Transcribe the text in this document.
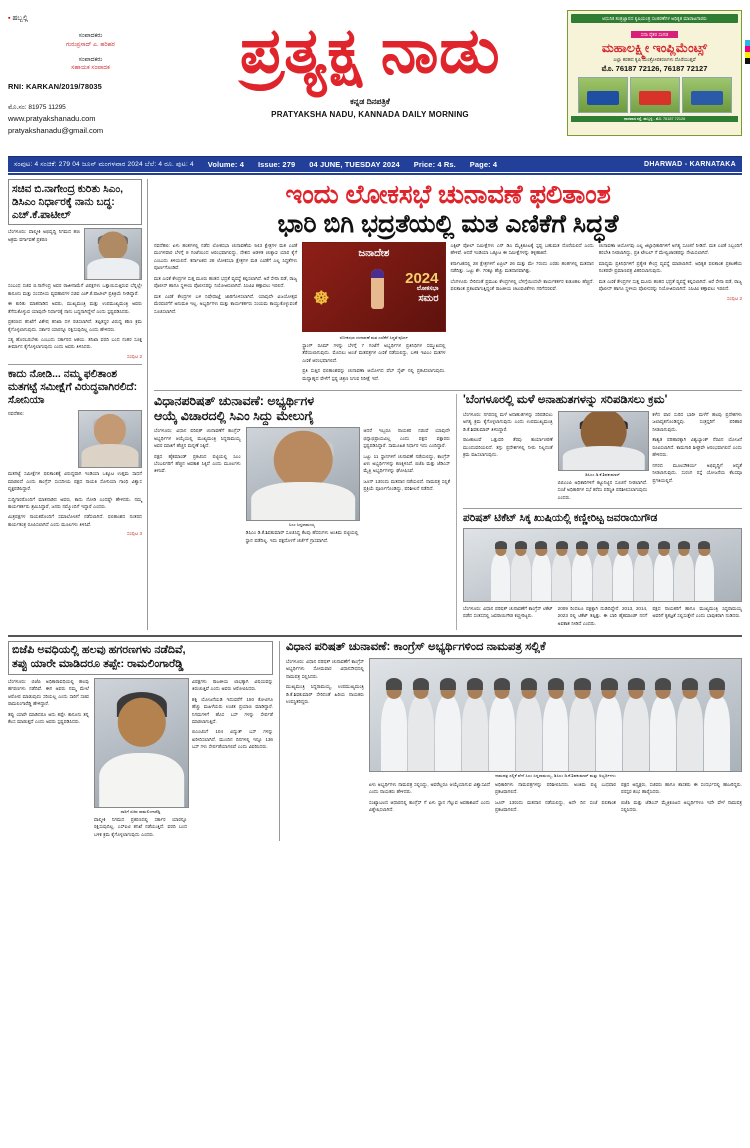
▪ ಹಬ್ಬಲ್ಲಿ
ಸಂಪಾದಕರು
ಗುರುಪ್ರಸಾದ್ ಎ. ಹರಿಹರ
ಸಂಪಾದಕರು
ಸಹಾಯಕ ಸಂಪಾದಕ
RNI: KARKAN/2019/78035
ಮೊ.ಸಂ: 81975 11295
www.pratyakshanadu.com
pratyakshanadu@gmail.com
ಪ್ರತ್ಯಕ್ಷ ನಾಡು
ಕನ್ನಡ ದಿನಪತ್ರಿಕೆ
PRATYAKSHA NADU, KANNADA DAILY MORNING
ಆಧುನಿಕ ತಂತ್ರಜ್ಞಾನದ ಕೃಷಿಯಂತ್ರ ಸಲಕರಣೆಗಳ ಅಧಿಕೃತ ಮಾರಾಟಗಾರರು
ಸದಾ ರೈತರ ಸಂಗಡ
ಮಹಾಲಕ್ಷ್ಮೀ ಇಂಪ್ಲಿಮೆಂಟ್ಸ್
ಎಲ್ಲಾ ತರಹದ ಕೃಷಿ ಯಂತ್ರೋಪಕರಣಗಳು ದೊರೆಯುತ್ತವೆ
ಮೊ. 76187 72126, 76187 72127
ಧಾರವಾಡ ರಸ್ತೆ, ಹುಬ್ಬಳ್ಳಿ - ಮೊ. 76187 72126
ಸಂಪುಟ: 4 ಸಂಚಿಕೆ: 279 04 ಜೂನ್ ಮಂಗಳವಾರ 2024 ಬೆಲೆ: 4 ರೂ. ಪುಟ: 4 Volume: 4 Issue: 279 04 JUNE, TUESDAY 2024 Price: 4 Rs. Page: 4	DHARWAD - KARNATAKA
ಸಚಿವ ಬಿ.ನಾಗೇಂದ್ರ ಕುರಿತು ಸಿಎಂ, ಡಿಸಿಎಂ ನಿರ್ಧಾರಕ್ಕೆ ನಾನು ಬದ್ಧ: ಎಚ್.ಕೆ.ಪಾಟೀಲ್
ಬೆಂಗಳೂರು: ವಾಲ್ಮೀಕಿ ಅಭಿವೃದ್ಧಿ ನಿಗಮದ ಹಣ ಅಕ್ರಮ ವರ್ಗಾವಣೆ ಪ್ರಕರಣ

ಸಂಬಂಧ ಸಚಿವ ಬಿ.ನಾಗೇಂದ್ರ ಅವರ ರಾಜೀನಾಮೆಗೆ ವಿಪಕ್ಷಗಳು ಒತ್ತಾಯಿಸುತ್ತಿರುವ ಬೆನ್ನಲ್ಲೇ ಕಾನೂನು ಮತ್ತು ಸಂಸದೀಯ ವ್ಯವಹಾರಗಳ ಸಚಿವ ಎಚ್.ಕೆ.ಪಾಟೀಲ್ ಪ್ರತಿಕ್ರಿಯೆ ನೀಡಿದ್ದಾರೆ.

ಈ ಕುರಿತು ಮಾತನಾಡಿದ ಅವರು, ಮುಖ್ಯಮಂತ್ರಿ ಮತ್ತು ಉಪಮುಖ್ಯಮಂತ್ರಿ ಅವರು ತೆಗೆದುಕೊಳ್ಳುವ ಯಾವುದೇ ನಿರ್ಧಾರಕ್ಕೆ ನಾನು ಬದ್ಧನಾಗಿದ್ದೇನೆ ಎಂದು ಸ್ಪಷ್ಟಪಡಿಸಿದರು.

ಪ್ರಕರಣದ ತನಿಖೆಗೆ ವಿಶೇಷ ತನಿಖಾ ದಳ ರಚಿಸಲಾಗಿದೆ. ತಪ್ಪಿತಸ್ಥರ ವಿರುದ್ಧ ಕಠಿಣ ಕ್ರಮ ಕೈಗೊಳ್ಳಲಾಗುವುದು. ಸರ್ಕಾರ ಯಾರನ್ನೂ ರಕ್ಷಿಸುವುದಿಲ್ಲ ಎಂದು ಹೇಳಿದರು.

ಸತ್ಯ ಹೊರಬರಬೇಕು ಎಂಬುದು ಸರ್ಕಾರದ ಆಶಯ. ತನಿಖಾ ವರದಿ ಬಂದ ನಂತರ ಸೂಕ್ತ ತೀರ್ಮಾನ ಕೈಗೊಳ್ಳಲಾಗುವುದು ಎಂದು ಅವರು ತಿಳಿಸಿದರು.

ಸಂಪುಟ 2
ಕಾದು ನೋಡಿ... ನಮ್ಮ ಫಲಿತಾಂಶ ಮತಗಟ್ಟೆ ಸಮೀಕ್ಷೆಗೆ ವಿರುದ್ಧವಾಗಿರಲಿದೆ: ಸೋನಿಯಾ
ನವದೆಹಲಿ:

ಮತಗಟ್ಟೆ ಸಮೀಕ್ಷೆಗಳ ಫಲಿತಾಂಶಕ್ಕೆ ವಿರುದ್ಧವಾಗಿ ಇಂಡಿಯಾ ಒಕ್ಕೂಟ ಉತ್ತಮ ಸಾಧನೆ ಮಾಡಲಿದೆ ಎಂದು ಕಾಂಗ್ರೆಸ್ ಸಂಸದೀಯ ಪಕ್ಷದ ನಾಯಕಿ ಸೋನಿಯಾ ಗಾಂಧಿ ವಿಶ್ವಾಸ ವ್ಯಕ್ತಪಡಿಸಿದ್ದಾರೆ.

ಸುದ್ದಿಗಾರರೊಂದಿಗೆ ಮಾತನಾಡಿದ ಅವರು, ಕಾದು ನೋಡಿ ಎಂದಷ್ಟೇ ಹೇಳಿದರು. ನಮ್ಮ ಕಾರ್ಯಕರ್ತರು ಶ್ರಮಿಸಿದ್ದಾರೆ, ಜನರು ನಮ್ಮೊಂದಿಗೆ ಇದ್ದಾರೆ ಎಂದರು.

ಮಿತ್ರಪಕ್ಷಗಳ ನಾಯಕರೊಂದಿಗೆ ಸಮಾಲೋಚನೆ ನಡೆಸಲಾಗಿದೆ. ಫಲಿತಾಂಶದ ನಂತರದ ಕಾರ್ಯತಂತ್ರ ರೂಪಿಸಲಾಗಿದೆ ಎಂದು ಮೂಲಗಳು ತಿಳಿಸಿವೆ.

ಸಂಪುಟ 3
ಇಂದು ಲೋಕಸಭೆ ಚುನಾವಣೆ ಫಲಿತಾಂಶ
ಭಾರಿ ಬಿಗಿ ಭದ್ರತೆಯಲ್ಲಿ ಮತ ಎಣಿಕೆಗೆ ಸಿದ್ಧತೆ

ನವದೆಹಲಿ: ಏಳು ಹಂತಗಳಲ್ಲಿ ನಡೆದ ಲೋಕಸಭಾ ಚುನಾವಣೆಯ 543 ಕ್ಷೇತ್ರಗಳ ಮತ ಎಣಿಕೆ ಮಂಗಳವಾರ ಬೆಳಗ್ಗೆ 8 ಗಂಟೆಯಿಂದ ಆರಂಭವಾಗಲಿದ್ದು, ದೇಶದ ಆಡಳಿತ ಚುಕ್ಕಾಣಿ ಯಾರ ಕೈಗೆ ಎಂಬುದು ತಿಳಿಯಲಿದೆ. ಕರ್ನಾಟಕದ 28 ಲೋಕಸಭಾ ಕ್ಷೇತ್ರಗಳ ಮತ ಎಣಿಕೆಗೆ ಎಲ್ಲ ಸಿದ್ಧತೆಗಳು ಪೂರ್ಣಗೊಂಡಿವೆ.

ಮತ ಎಣಿಕೆ ಕೇಂದ್ರಗಳ ಸುತ್ತ ಮೂರು ಹಂತದ ಭದ್ರತೆ ವ್ಯವಸ್ಥೆ ಕಲ್ಪಿಸಲಾಗಿದೆ. ಅರೆ ಸೇನಾ ಪಡೆ, ರಾಜ್ಯ ಪೊಲೀಸ್ ಹಾಗೂ ಸ್ಥಳೀಯ ಪೊಲೀಸರನ್ನು ನಿಯೋಜಿಸಲಾಗಿದೆ. ಸಿಸಿಟಿವಿ ಕಣ್ಗಾವಲು ಇರಲಿದೆ.

ಮತ ಎಣಿಕೆ ಕೇಂದ್ರಗಳ ಬಳಿ ನಿಷೇಧಾಜ್ಞೆ ಜಾರಿಗೊಳಿಸಲಾಗಿದೆ. ಯಾವುದೇ ವಿಜಯೋತ್ಸವ ಮೆರವಣಿಗೆಗೆ ಅನುಮತಿ ಇಲ್ಲ. ಅಭ್ಯರ್ಥಿಗಳು ಮತ್ತು ಕಾರ್ಯಕರ್ತರು ಸಂಯಮ ಕಾಯ್ದುಕೊಳ್ಳುವಂತೆ ಸೂಚಿಸಲಾಗಿದೆ.

ಜನಾದೇಶ
☸
2024
ಲೋಕಸಭಾ
ಸಮರ
ಲೋಕಸಭಾ ಚುನಾವಣೆ ಮತ ಎಣಿಕೆಗೆ ಸಿದ್ಧತೆ ಪೂರ್ಣ

ಸ್ಟ್ರಾಂಗ್ ರೂಮ್ ಗಳನ್ನು ಬೆಳಗ್ಗೆ 7 ಗಂಟೆಗೆ ಅಭ್ಯರ್ಥಿಗಳ ಪ್ರತಿನಿಧಿಗಳ ಸಮ್ಮುಖದಲ್ಲಿ ತೆರೆಯಲಾಗುವುದು. ಮೊದಲು ಅಂಚೆ ಮತಪತ್ರಗಳ ಎಣಿಕೆ ನಡೆಯಲಿದ್ದು, ಬಳಿಕ ಇವಿಎಂ ಮತಗಳ ಎಣಿಕೆ ಆರಂಭವಾಗಲಿದೆ.

ಪ್ರತಿ ಸುತ್ತಿನ ಫಲಿತಾಂಶವನ್ನು ಚುನಾವಣಾ ಆಯೋಗದ ವೆಬ್ ಸೈಟ್ ನಲ್ಲಿ ಪ್ರಕಟಿಸಲಾಗುವುದು. ಮಧ್ಯಾಹ್ನದ ವೇಳೆಗೆ ಸ್ಪಷ್ಟ ಚಿತ್ರಣ ಸಿಗುವ ನಿರೀಕ್ಷೆ ಇದೆ.

ಎಕ್ಸಿಟ್ ಪೋಲ್ ಸಮೀಕ್ಷೆಗಳು ಎನ್ ಡಿಎ ಮೈತ್ರಿಕೂಟಕ್ಕೆ ಸ್ಪಷ್ಟ ಬಹುಮತ ದೊರೆಯಲಿದೆ ಎಂದು ಹೇಳಿವೆ. ಆದರೆ ಇಂಡಿಯಾ ಒಕ್ಕೂಟ ಈ ಸಮೀಕ್ಷೆಗಳನ್ನು ತಳ್ಳಿಹಾಕಿದೆ.

ಕರ್ನಾಟಕದಲ್ಲಿ 28 ಕ್ಷೇತ್ರಗಳಿಗೆ ಏಪ್ರಿಲ್ 26 ಮತ್ತು ಮೇ 7ರಂದು ಎರಡು ಹಂತಗಳಲ್ಲಿ ಮತದಾನ ನಡೆದಿತ್ತು. ಒಟ್ಟು ಶೇ. 70ಕ್ಕೂ ಹೆಚ್ಚು ಮತದಾನವಾಗಿತ್ತು.

ಬೆಂಗಳೂರು ಸೇರಿದಂತೆ ಪ್ರಮುಖ ಕೇಂದ್ರಗಳಲ್ಲಿ ಬೆಳಗ್ಗೆಯಿಂದಲೇ ಕಾರ್ಯಕರ್ತರ ಕುತೂಹಲ ಹೆಚ್ಚಿದೆ. ಫಲಿತಾಂಶ ಪ್ರಕಟವಾಗುತ್ತಿದ್ದಂತೆ ರಾಜಕೀಯ ಚಟುವಟಿಕೆಗಳು ಗರಿಗೆದರಲಿವೆ.

ಚುನಾವಣಾ ಆಯೋಗವು ಎಲ್ಲ ಜಿಲ್ಲಾಧಿಕಾರಿಗಳಿಗೆ ಅಗತ್ಯ ಸೂಚನೆ ನೀಡಿದೆ. ಮತ ಎಣಿಕೆ ಸಿಬ್ಬಂದಿಗೆ ತರಬೇತಿ ನೀಡಲಾಗಿದ್ದು, ಪ್ರತಿ ಟೇಬಲ್ ಗೆ ಮೇಲ್ವಿಚಾರಕರನ್ನು ನೇಮಿಸಲಾಗಿದೆ.

ಮಾಧ್ಯಮ ಪ್ರತಿನಿಧಿಗಳಿಗೆ ಪ್ರತ್ಯೇಕ ಕೇಂದ್ರ ವ್ಯವಸ್ಥೆ ಮಾಡಲಾಗಿದೆ. ಅಧಿಕೃತ ಫಲಿತಾಂಶ ಪ್ರಕಟಣೆಯ ನಂತರವೇ ಪ್ರಮಾಣಪತ್ರ ವಿತರಿಸಲಾಗುವುದು.

ಮತ ಎಣಿಕೆ ಕೇಂದ್ರಗಳ ಸುತ್ತ ಮೂರು ಹಂತದ ಭದ್ರತೆ ವ್ಯವಸ್ಥೆ ಕಲ್ಪಿಸಲಾಗಿದೆ. ಅರೆ ಸೇನಾ ಪಡೆ, ರಾಜ್ಯ ಪೊಲೀಸ್ ಹಾಗೂ ಸ್ಥಳೀಯ ಪೊಲೀಸರನ್ನು ನಿಯೋಜಿಸಲಾಗಿದೆ. ಸಿಸಿಟಿವಿ ಕಣ್ಗಾವಲು ಇರಲಿದೆ.

ಸಂಪುಟ 2
ವಿಧಾನಪರಿಷತ್ ಚುನಾವಣೆ: ಅಭ್ಯರ್ಥಿಗಳ
ಆಯ್ಕೆ ವಿಚಾರದಲ್ಲಿ ಸಿಎಂ ಸಿದ್ದು ಮೇಲುಗೈ

ಬೆಂಗಳೂರು: ವಿಧಾನ ಪರಿಷತ್ ಚುನಾವಣೆಗೆ ಕಾಂಗ್ರೆಸ್ ಅಭ್ಯರ್ಥಿಗಳ ಆಯ್ಕೆಯಲ್ಲಿ ಮುಖ್ಯಮಂತ್ರಿ ಸಿದ್ದರಾಮಯ್ಯ ಅವರ ಮಾತಿಗೆ ಹೆಚ್ಚಿನ ಮನ್ನಣೆ ಸಿಕ್ಕಿದೆ.

ಪಕ್ಷದ ಹೈಕಮಾಂಡ್ ಪ್ರಕಟಿಸಿದ ಪಟ್ಟಿಯಲ್ಲಿ ಸಿಎಂ ಬೆಂಬಲಿಗರಿಗೆ ಹೆಚ್ಚಿನ ಅವಕಾಶ ಸಿಕ್ಕಿದೆ ಎಂದು ಮೂಲಗಳು ತಿಳಿಸಿವೆ.

ಸಿಎಂ ಸಿದ್ದರಾಮಯ್ಯ

ಡಿಸಿಎಂ ಡಿ.ಕೆ.ಶಿವಕುಮಾರ್ ಸೂಚಿಸಿದ್ದ ಕೆಲವು ಹೆಸರುಗಳು ಅಂತಿಮ ಪಟ್ಟಿಯಲ್ಲಿ ಸ್ಥಾನ ಪಡೆದಿಲ್ಲ. ಇದು ಪಕ್ಷದೊಳಗೆ ಚರ್ಚೆಗೆ ಗ್ರಾಸವಾಗಿದೆ.

ಆದರೆ ಇಬ್ಬರೂ ನಾಯಕರ ನಡುವೆ ಯಾವುದೇ ಭಿನ್ನಾಭಿಪ್ರಾಯವಿಲ್ಲ ಎಂದು ಪಕ್ಷದ ವಕ್ತಾರರು ಸ್ಪಷ್ಟಪಡಿಸಿದ್ದಾರೆ. ಸಾಮೂಹಿಕ ನಿರ್ಧಾರ ಇದು ಎಂದಿದ್ದಾರೆ.

ಒಟ್ಟು 11 ಸ್ಥಾನಗಳಿಗೆ ಚುನಾವಣೆ ನಡೆಯಲಿದ್ದು, ಕಾಂಗ್ರೆಸ್ ಏಳು ಅಭ್ಯರ್ಥಿಗಳನ್ನು ಕಣಕ್ಕಿಳಿಸಿದೆ. ಬಿಜೆಪಿ ಮತ್ತು ಜೆಡಿಎಸ್ ಮೈತ್ರಿ ಅಭ್ಯರ್ಥಿಗಳನ್ನು ಘೋಷಿಸಿವೆ.

ಜೂನ್ 13ರಂದು ಮತದಾನ ನಡೆಯಲಿದೆ. ನಾಮಪತ್ರ ಸಲ್ಲಿಕೆ ಪ್ರಕ್ರಿಯೆ ಪೂರ್ಣಗೊಂಡಿದ್ದು, ಪರಿಶೀಲನೆ ನಡೆದಿದೆ.

'ಬೆಂಗಳೂರಲ್ಲಿ ಮಳೆ ಅನಾಹುತಗಳನ್ನು ಸರಿಪಡಿಸಲು ಕ್ರಮ'

ಬೆಂಗಳೂರು: ನಗರದಲ್ಲಿ ಮಳೆ ಅನಾಹುತಗಳನ್ನು ಸರಿಪಡಿಸಲು ಅಗತ್ಯ ಕ್ರಮ ಕೈಗೊಳ್ಳಲಾಗುವುದು ಎಂದು ಉಪಮುಖ್ಯಮಂತ್ರಿ ಡಿ.ಕೆ.ಶಿವಕುಮಾರ್ ತಿಳಿಸಿದ್ದಾರೆ.

ರಾಜಕಾಲುವೆ ಒತ್ತುವರಿ ತೆರವು ಕಾರ್ಯಾಚರಣೆ ಮುಂದುವರಿಯಲಿದೆ. ತಗ್ಗು ಪ್ರದೇಶಗಳಲ್ಲಿ ನೀರು ನಿಲ್ಲದಂತೆ ಕ್ರಮ ವಹಿಸಲಾಗುವುದು.

ಡಿಸಿಎಂ ಡಿ.ಕೆ.ಶಿವಕುಮಾರ್

ಬಿಬಿಎಂಪಿ ಅಧಿಕಾರಿಗಳಿಗೆ ಕಟ್ಟುನಿಟ್ಟಿನ ಸೂಚನೆ ನೀಡಲಾಗಿದೆ. ಸಂಜೆ ಅಧಿಕಾರಿಗಳ ಸಭೆ ಕರೆದು ಪರಿಸ್ಥಿತಿ ಪರಿಶೀಲಿಸಲಾಗುವುದು ಎಂದರು.

ಕಳೆದ ವಾರ ಸುರಿದ ಭಾರೀ ಮಳೆಗೆ ಹಲವು ಪ್ರದೇಶಗಳು ಜಲಾವೃತಗೊಂಡಿದ್ದವು. ಸಂತ್ರಸ್ತರಿಗೆ ಪರಿಹಾರ ನೀಡಲಾಗುವುದು.

ಶಾಶ್ವತ ಪರಿಹಾರಕ್ಕಾಗಿ ವಿಶ್ವಬ್ಯಾಂಕ್ ನೆರವಿನ ಯೋಜನೆ ರೂಪಿಸಲಾಗಿದೆ. ಕಾಮಗಾರಿ ಶೀಘ್ರವೇ ಆರಂಭವಾಗಲಿದೆ ಎಂದು ಹೇಳಿದರು.

ನಗರದ ಮೂಲಸೌಕರ್ಯ ಅಭಿವೃದ್ಧಿಗೆ ಆದ್ಯತೆ ನೀಡಲಾಗುವುದು. ಸುರಂಗ ರಸ್ತೆ ಯೋಜನೆಯ ಕೆಲಸವೂ ಪ್ರಗತಿಯಲ್ಲಿದೆ.

ಪರಿಷತ್ ಟಿಕೆಟ್ ಸಿಕ್ಕ ಖುಷಿಯಲ್ಲಿ ಕಣ್ಣೀರಿಟ್ಟ ಜವರಾಯಿಗೌಡ

ಬೆಂಗಳೂರು: ವಿಧಾನ ಪರಿಷತ್ ಚುನಾವಣೆಗೆ ಕಾಂಗ್ರೆಸ್ ಟಿಕೆಟ್ ಪಡೆದ ಸಂತಸದಲ್ಲಿ ಜವರಾಯಿಗೌಡ ಕಣ್ಣೀರಿಟ್ಟರು.

2009 ರಿಂದಲೂ ಪಕ್ಷಕ್ಕಾಗಿ ದುಡಿದಿದ್ದೇನೆ. 2013, 2014, 2023 ರಲ್ಲಿ ಟಿಕೆಟ್ ತಪ್ಪಿತ್ತು. ಈ ಬಾರಿ ಹೈಕಮಾಂಡ್ ನನಗೆ ಅವಕಾಶ ನೀಡಿದೆ ಎಂದರು.

ಪಕ್ಷದ ನಾಯಕರಿಗೆ ಹಾಗೂ ಮುಖ್ಯಮಂತ್ರಿ ಸಿದ್ದರಾಮಯ್ಯ ಅವರಿಗೆ ಕೃತಜ್ಞತೆ ಸಲ್ಲಿಸುತ್ತೇನೆ ಎಂದು ಭಾವುಕರಾಗಿ ನುಡಿದರು.

ಬಿಜೆಪಿ ಅವಧಿಯಲ್ಲಿ ಹಲವು ಹಗರಣಗಳು ನಡೆದಿವೆ,
ತಪ್ಪು ಯಾರೇ ಮಾಡಿದರೂ ತಪ್ಪೇ: ರಾಮಲಿಂಗಾರೆಡ್ಡಿ

ಬೆಂಗಳೂರು: ಬಿಜೆಪಿ ಅಧಿಕಾರಾವಧಿಯಲ್ಲಿ ಹಲವು ಹಗರಣಗಳು ನಡೆದಿವೆ. ಈಗ ಅವರು ನಮ್ಮ ಮೇಲೆ ಆರೋಪ ಮಾಡುವುದು ಸರಿಯಲ್ಲ ಎಂದು ಸಾರಿಗೆ ಸಚಿವ ರಾಮಲಿಂಗಾರೆಡ್ಡಿ ಹೇಳಿದ್ದಾರೆ.

ತಪ್ಪು ಯಾರೇ ಮಾಡಿದರೂ ಅದು ತಪ್ಪೇ. ಕಾನೂನು ತನ್ನ ಕೆಲಸ ಮಾಡುತ್ತದೆ ಎಂದು ಅವರು ಸ್ಪಷ್ಟಪಡಿಸಿದರು.

ಸಾರಿಗೆ ಸಚಿವ ರಾಮಲಿಂಗಾರೆಡ್ಡಿ

ವಾಲ್ಮೀಕಿ ನಿಗಮದ ಪ್ರಕರಣದಲ್ಲಿ ಸರ್ಕಾರ ಯಾರನ್ನೂ ರಕ್ಷಿಸುವುದಿಲ್ಲ. ಎಸ್ಐಟಿ ತನಿಖೆ ನಡೆಯುತ್ತಿದೆ. ವರದಿ ಬಂದ ಬಳಿಕ ಕ್ರಮ ಕೈಗೊಳ್ಳಲಾಗುವುದು ಎಂದರು.

ವಿಪಕ್ಷಗಳು ರಾಜಕೀಯ ಲಾಭಕ್ಕಾಗಿ ವಿಷಯವನ್ನು ತಿರುಚುತ್ತಿವೆ ಎಂದು ಅವರು ಆರೋಪಿಸಿದರು.

ಶಕ್ತಿ ಯೋಜನೆಯಡಿ ಇದುವರೆಗೆ 150 ಕೋಟಿಗೂ ಹೆಚ್ಚು ಮಹಿಳೆಯರು ಉಚಿತ ಪ್ರಯಾಣ ಮಾಡಿದ್ದಾರೆ. ನಿಗಮಗಳಿಗೆ ಹೊಸ ಬಸ್ ಗಳನ್ನು ಸೇರ್ಪಡೆ ಮಾಡಲಾಗುತ್ತಿದೆ.

ಬಿಎಂಟಿಸಿಗೆ 104 ವಿದ್ಯುತ್ ಬಸ್ ಗಳನ್ನು ಖರೀದಿಸಲಾಗಿದೆ. ಮುಂದಿನ ದಿನಗಳಲ್ಲಿ ಇನ್ನೂ 136 ಬಸ್ ಗಳು ಸೇರ್ಪಡೆಯಾಗಲಿವೆ ಎಂದು ವಿವರಿಸಿದರು.

ವಿಧಾನ ಪರಿಷತ್ ಚುನಾವಣೆ: ಕಾಂಗ್ರೆಸ್ ಅಭ್ಯರ್ಥಿಗಳಿಂದ ನಾಮಪತ್ರ ಸಲ್ಲಿಕೆ

ಬೆಂಗಳೂರು: ವಿಧಾನ ಪರಿಷತ್ ಚುನಾವಣೆಗೆ ಕಾಂಗ್ರೆಸ್ ಅಭ್ಯರ್ಥಿಗಳು ಸೋಮವಾರ ವಿಧಾನಸೌಧದಲ್ಲಿ ನಾಮಪತ್ರ ಸಲ್ಲಿಸಿದರು.

ಮುಖ್ಯಮಂತ್ರಿ ಸಿದ್ದರಾಮಯ್ಯ, ಉಪಮುಖ್ಯಮಂತ್ರಿ ಡಿ.ಕೆ.ಶಿವಕುಮಾರ್ ಸೇರಿದಂತೆ ಹಿರಿಯ ನಾಯಕರು ಉಪಸ್ಥಿತರಿದ್ದರು.

ನಾಮಪತ್ರ ಸಲ್ಲಿಕೆ ವೇಳೆ ಸಿಎಂ ಸಿದ್ದರಾಮಯ್ಯ, ಡಿಸಿಎಂ ಡಿ.ಕೆ.ಶಿವಕುಮಾರ್ ಮತ್ತು ಅಭ್ಯರ್ಥಿಗಳು

ಏಳು ಅಭ್ಯರ್ಥಿಗಳು ನಾಮಪತ್ರ ಸಲ್ಲಿಸಿದ್ದು, ಅವರೆಲ್ಲರೂ ಆಯ್ಕೆಯಾಗುವ ವಿಶ್ವಾಸವಿದೆ ಎಂದು ನಾಯಕರು ಹೇಳಿದರು.

ಸಂಖ್ಯಾಬಲದ ಆಧಾರದಲ್ಲಿ ಕಾಂಗ್ರೆಸ್ ಗೆ ಏಳು ಸ್ಥಾನ ಗೆಲ್ಲುವ ಅವಕಾಶವಿದೆ ಎಂದು ವಿಶ್ಲೇಷಿಸಲಾಗಿದೆ.

ಅಧಿಕಾರಿಗಳು ನಾಮಪತ್ರಗಳನ್ನು ಪರಿಶೀಲಿಸಿದರು. ಅಂತಿಮ ಪಟ್ಟಿ ಬುಧವಾರ ಪ್ರಕಟವಾಗಲಿದೆ.

ಜೂನ್ 13ರಂದು ಮತದಾನ ನಡೆಯಲಿದ್ದು, ಅದೇ ದಿನ ಸಂಜೆ ಫಲಿತಾಂಶ ಪ್ರಕಟವಾಗಲಿದೆ.

ಪಕ್ಷದ ಅಧ್ಯಕ್ಷರು, ಸಚಿವರು ಹಾಗೂ ಶಾಸಕರು ಈ ಸಂದರ್ಭದಲ್ಲಿ ಹಾಜರಿದ್ದರು. ಪರಸ್ಪರ ಶುಭ ಹಾರೈಸಿದರು.

ಬಿಜೆಪಿ ಮತ್ತು ಜೆಡಿಎಸ್ ಮೈತ್ರಿಕೂಟದ ಅಭ್ಯರ್ಥಿಗಳೂ ಇದೇ ವೇಳೆ ನಾಮಪತ್ರ ಸಲ್ಲಿಸಿದರು.
